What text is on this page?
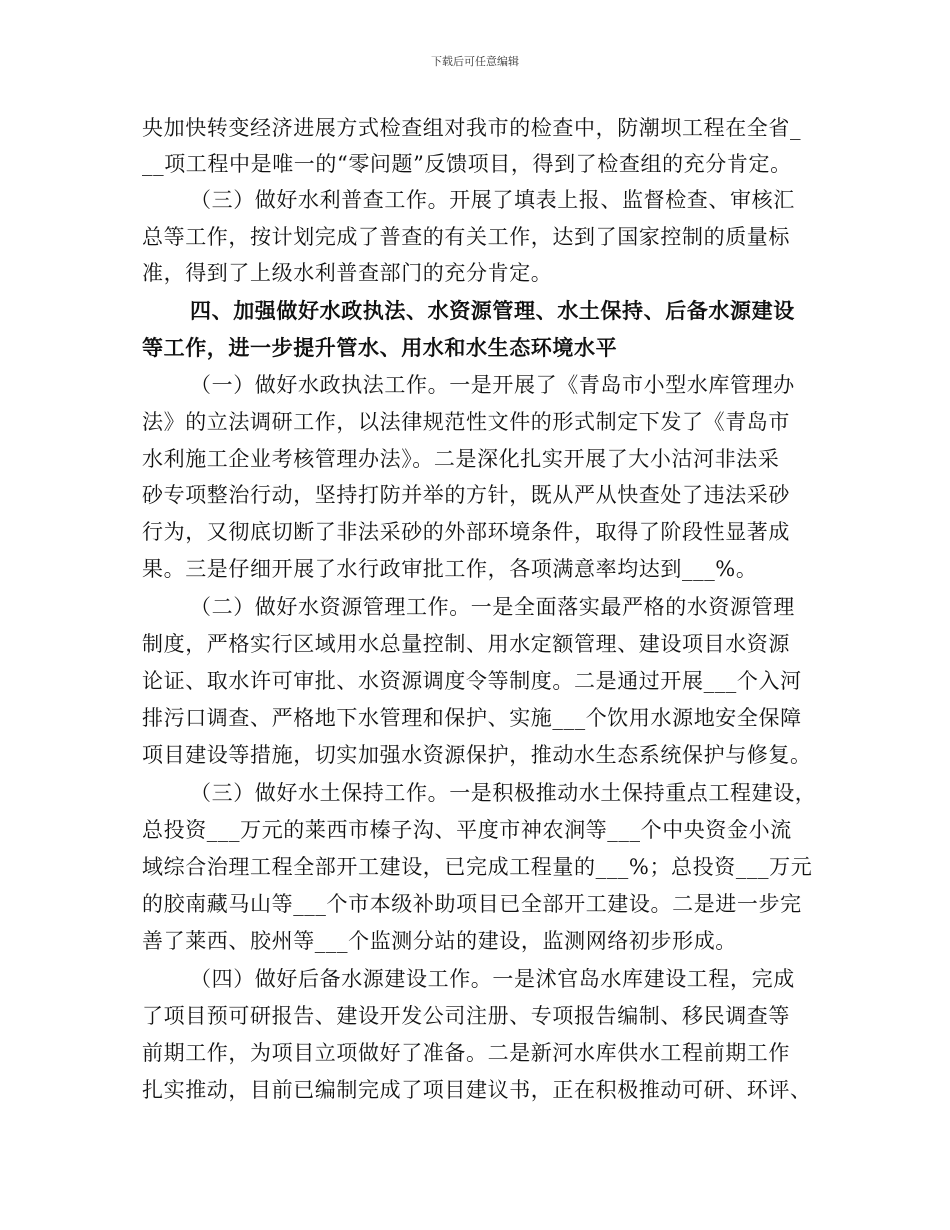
下载后可任意编辑
央加快转变经济进展方式检查组对我市的检查中，防潮坝工程在全省_
__项工程中是唯一的“零问题”反馈项目，得到了检查组的充分肯定。
（三）做好水利普查工作。开展了填表上报、监督检查、审核汇
总等工作，按计划完成了普查的有关工作，达到了国家控制的质量标
准，得到了上级水利普查部门的充分肯定。
四、加强做好水政执法、水资源管理、水土保持、后备水源建设
等工作，进一步提升管水、用水和水生态环境水平
（一）做好水政执法工作。一是开展了《青岛市小型水库管理办
法》的立法调研工作，以法律规范性文件的形式制定下发了《青岛市
水利施工企业考核管理办法》。二是深化扎实开展了大小沽河非法采
砂专项整治行动，坚持打防并举的方针，既从严从快查处了违法采砂
行为，又彻底切断了非法采砂的外部环境条件，取得了阶段性显著成
果。三是仔细开展了水行政审批工作，各项满意率均达到___%。
（二）做好水资源管理工作。一是全面落实最严格的水资源管理
制度，严格实行区域用水总量控制、用水定额管理、建设项目水资源
论证、取水许可审批、水资源调度令等制度。二是通过开展___个入河
排污口调查、严格地下水管理和保护、实施___个饮用水源地安全保障
项目建设等措施，切实加强水资源保护，推动水生态系统保护与修复。
（三）做好水土保持工作。一是积极推动水土保持重点工程建设，
总投资___万元的莱西市榛子沟、平度市神农涧等___个中央资金小流
域综合治理工程全部开工建设，已完成工程量的___%；总投资___万元
的胶南藏马山等___个市本级补助项目已全部开工建设。二是进一步完
善了莱西、胶州等___个监测分站的建设，监测网络初步形成。
（四）做好后备水源建设工作。一是沭官岛水库建设工程，完成
了项目预可研报告、建设开发公司注册、专项报告编制、移民调查等
前期工作，为项目立项做好了准备。二是新河水库供水工程前期工作
扎实推动，目前已编制完成了项目建议书，正在积极推动可研、环评、
